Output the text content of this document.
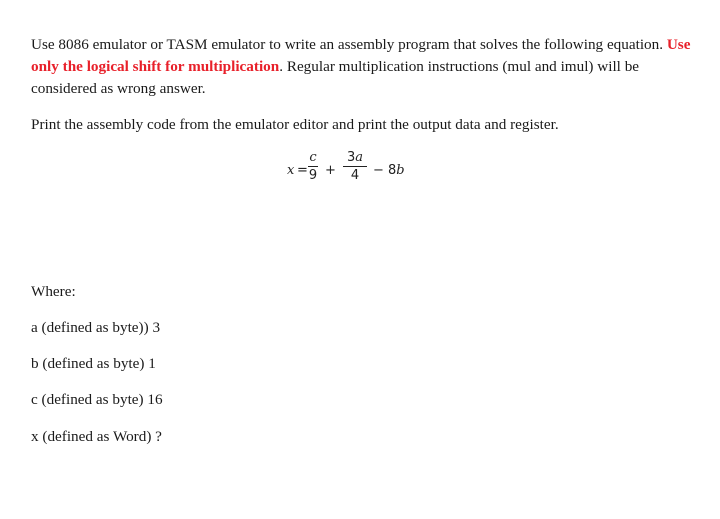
Use 8086 emulator or TASM emulator to write an assembly program that solves the following equation. Use only the logical shift for multiplication. Regular multiplication instructions (mul and imul) will be considered as wrong answer.

Print the assembly code from the emulator editor and print the output data and register.

x =
c
9 +
3a
4	− 8b

Where:

a (defined as byte)) 3

b (defined as byte) 1

c (defined as byte) 16

x (defined as Word) ?
